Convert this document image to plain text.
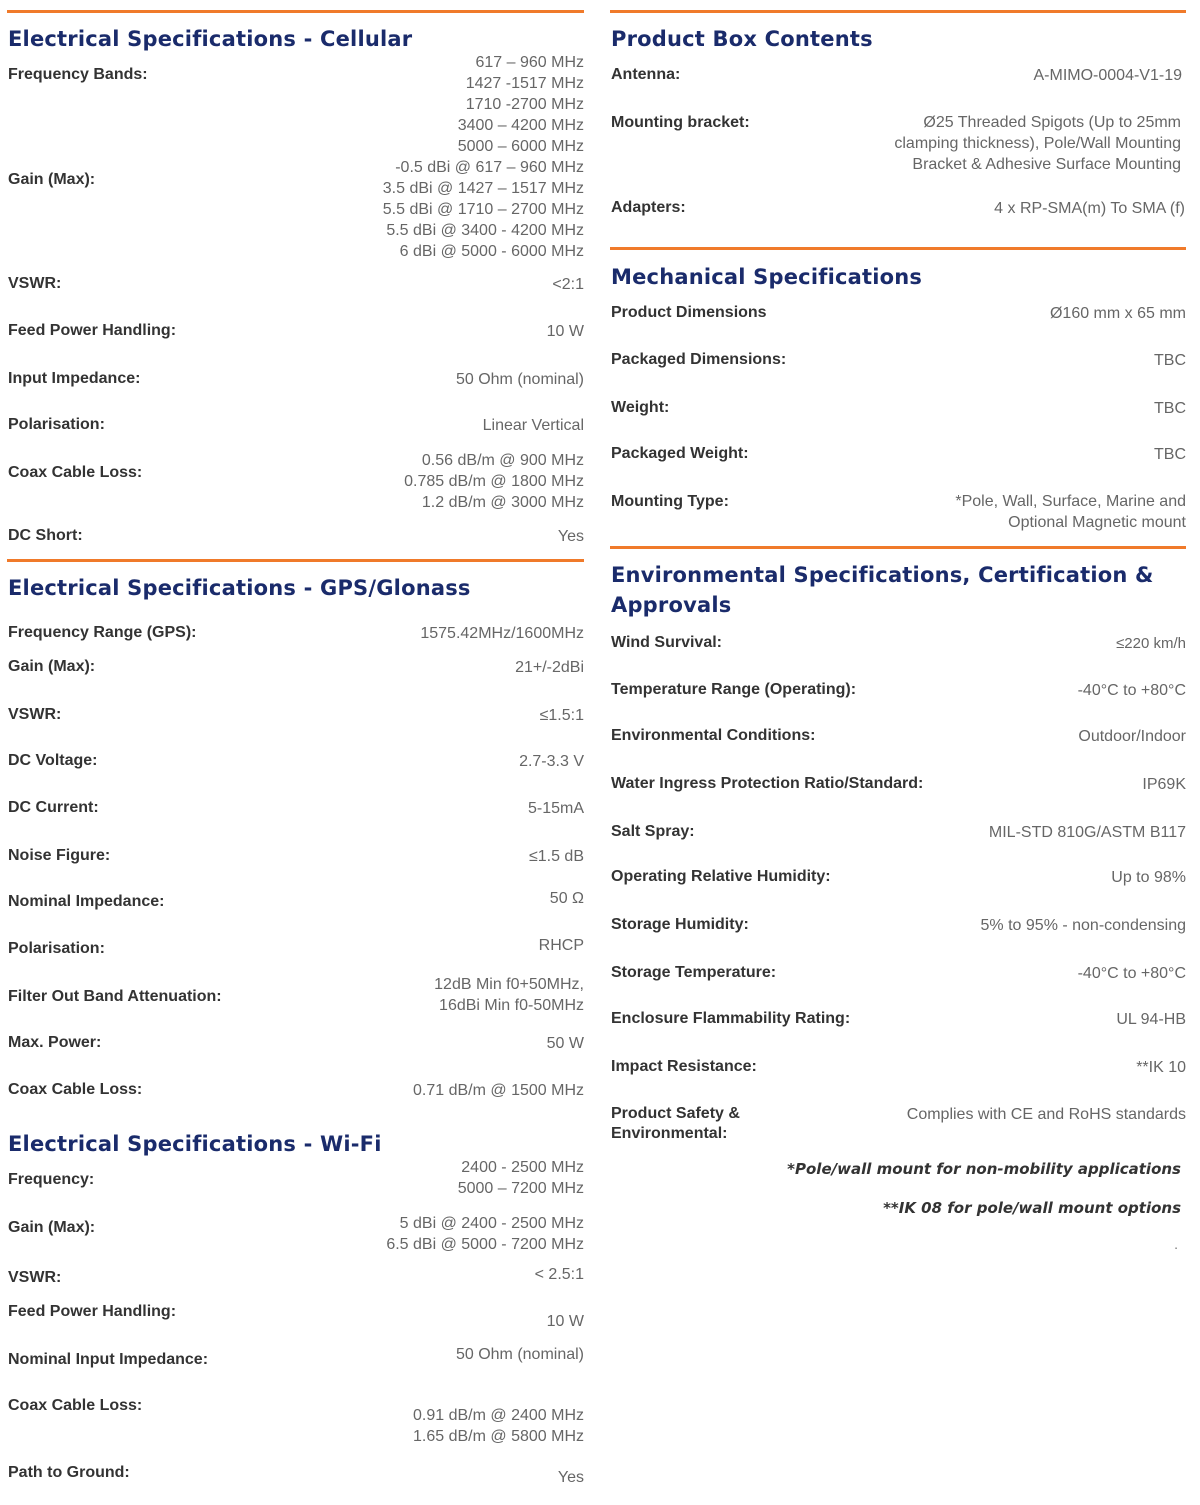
Electrical Specifications - Cellular
Frequency Bands:
617 – 960 MHz
1427 -1517 MHz
1710 -2700 MHz
3400 – 4200 MHz
5000 – 6000 MHz
Gain (Max):
-0.5 dBi @ 617 – 960 MHz
3.5 dBi @ 1427 – 1517 MHz
5.5 dBi @ 1710 – 2700 MHz
5.5 dBi @ 3400 - 4200 MHz
6 dBi @ 5000 - 6000 MHz
VSWR:	<2:1
Feed Power Handling:	10 W
Input Impedance:	50 Ohm (nominal)
Polarisation:	Linear Vertical
Coax Cable Loss:
0.56 dB/m @ 900 MHz
0.785 dB/m @ 1800 MHz
1.2 dB/m @ 3000 MHz
DC Short:	Yes
Electrical Specifications - GPS/Glonass
Frequency Range (GPS):	1575.42MHz/1600MHz
Gain (Max):	21+/-2dBi
VSWR:	≤1.5:1
DC Voltage:	2.7-3.3 V
DC Current:	5-15mA
Noise Figure:	≤1.5 dB
Nominal Impedance:	50 Ω
Polarisation:	RHCP
Filter Out Band Attenuation:
12dB Min f0+50MHz,
16dBi Min f0-50MHz
Max. Power:	50 W
Coax Cable Loss:	0.71 dB/m @ 1500 MHz
Electrical Specifications - Wi-Fi
Frequency:
2400 - 2500 MHz
5000 – 7200 MHz
Gain (Max):	5 dBi @ 2400 - 2500 MHz
6.5 dBi @ 5000 - 7200 MHz
VSWR:	< 2.5:1
Feed Power Handling:
10 W
Nominal Input Impedance:	50 Ohm (nominal)
Coax Cable Loss:
0.91 dB/m @ 2400 MHz
1.65 dB/m @ 5800 MHz
Path to Ground:	Yes
Product Box Contents
Antenna:	A-MIMO-0004-V1-19
Mounting bracket:	Ø25 Threaded Spigots (Up to 25mm
clamping thickness), Pole/Wall Mounting
Bracket & Adhesive Surface Mounting
Adapters:	4 x RP-SMA(m) To SMA (f)
Mechanical Specifications
Product Dimensions	Ø160 mm x 65 mm
Packaged Dimensions:	TBC
Weight:	TBC
Packaged Weight:	TBC
Mounting Type:	*Pole, Wall, Surface, Marine and
Optional Magnetic mount
Environmental Specifications, Certification & Approvals
Wind Survival:	≤220 km/h
Temperature Range (Operating):	-40°C to +80°C
Environmental Conditions:	Outdoor/Indoor
Water Ingress Protection Ratio/Standard:	IP69K
Salt Spray:	MIL-STD 810G/ASTM B117
Operating Relative Humidity:	Up to 98%
Storage Humidity:	5% to 95% - non-condensing
Storage Temperature:	-40°C to +80°C
Enclosure Flammability Rating:	UL 94-HB
Impact Resistance:	**IK 10
Product Safety &
Environmental:
Complies with CE and RoHS standards
*Pole/wall mount for non-mobility applications
**IK 08 for pole/wall mount options
.
